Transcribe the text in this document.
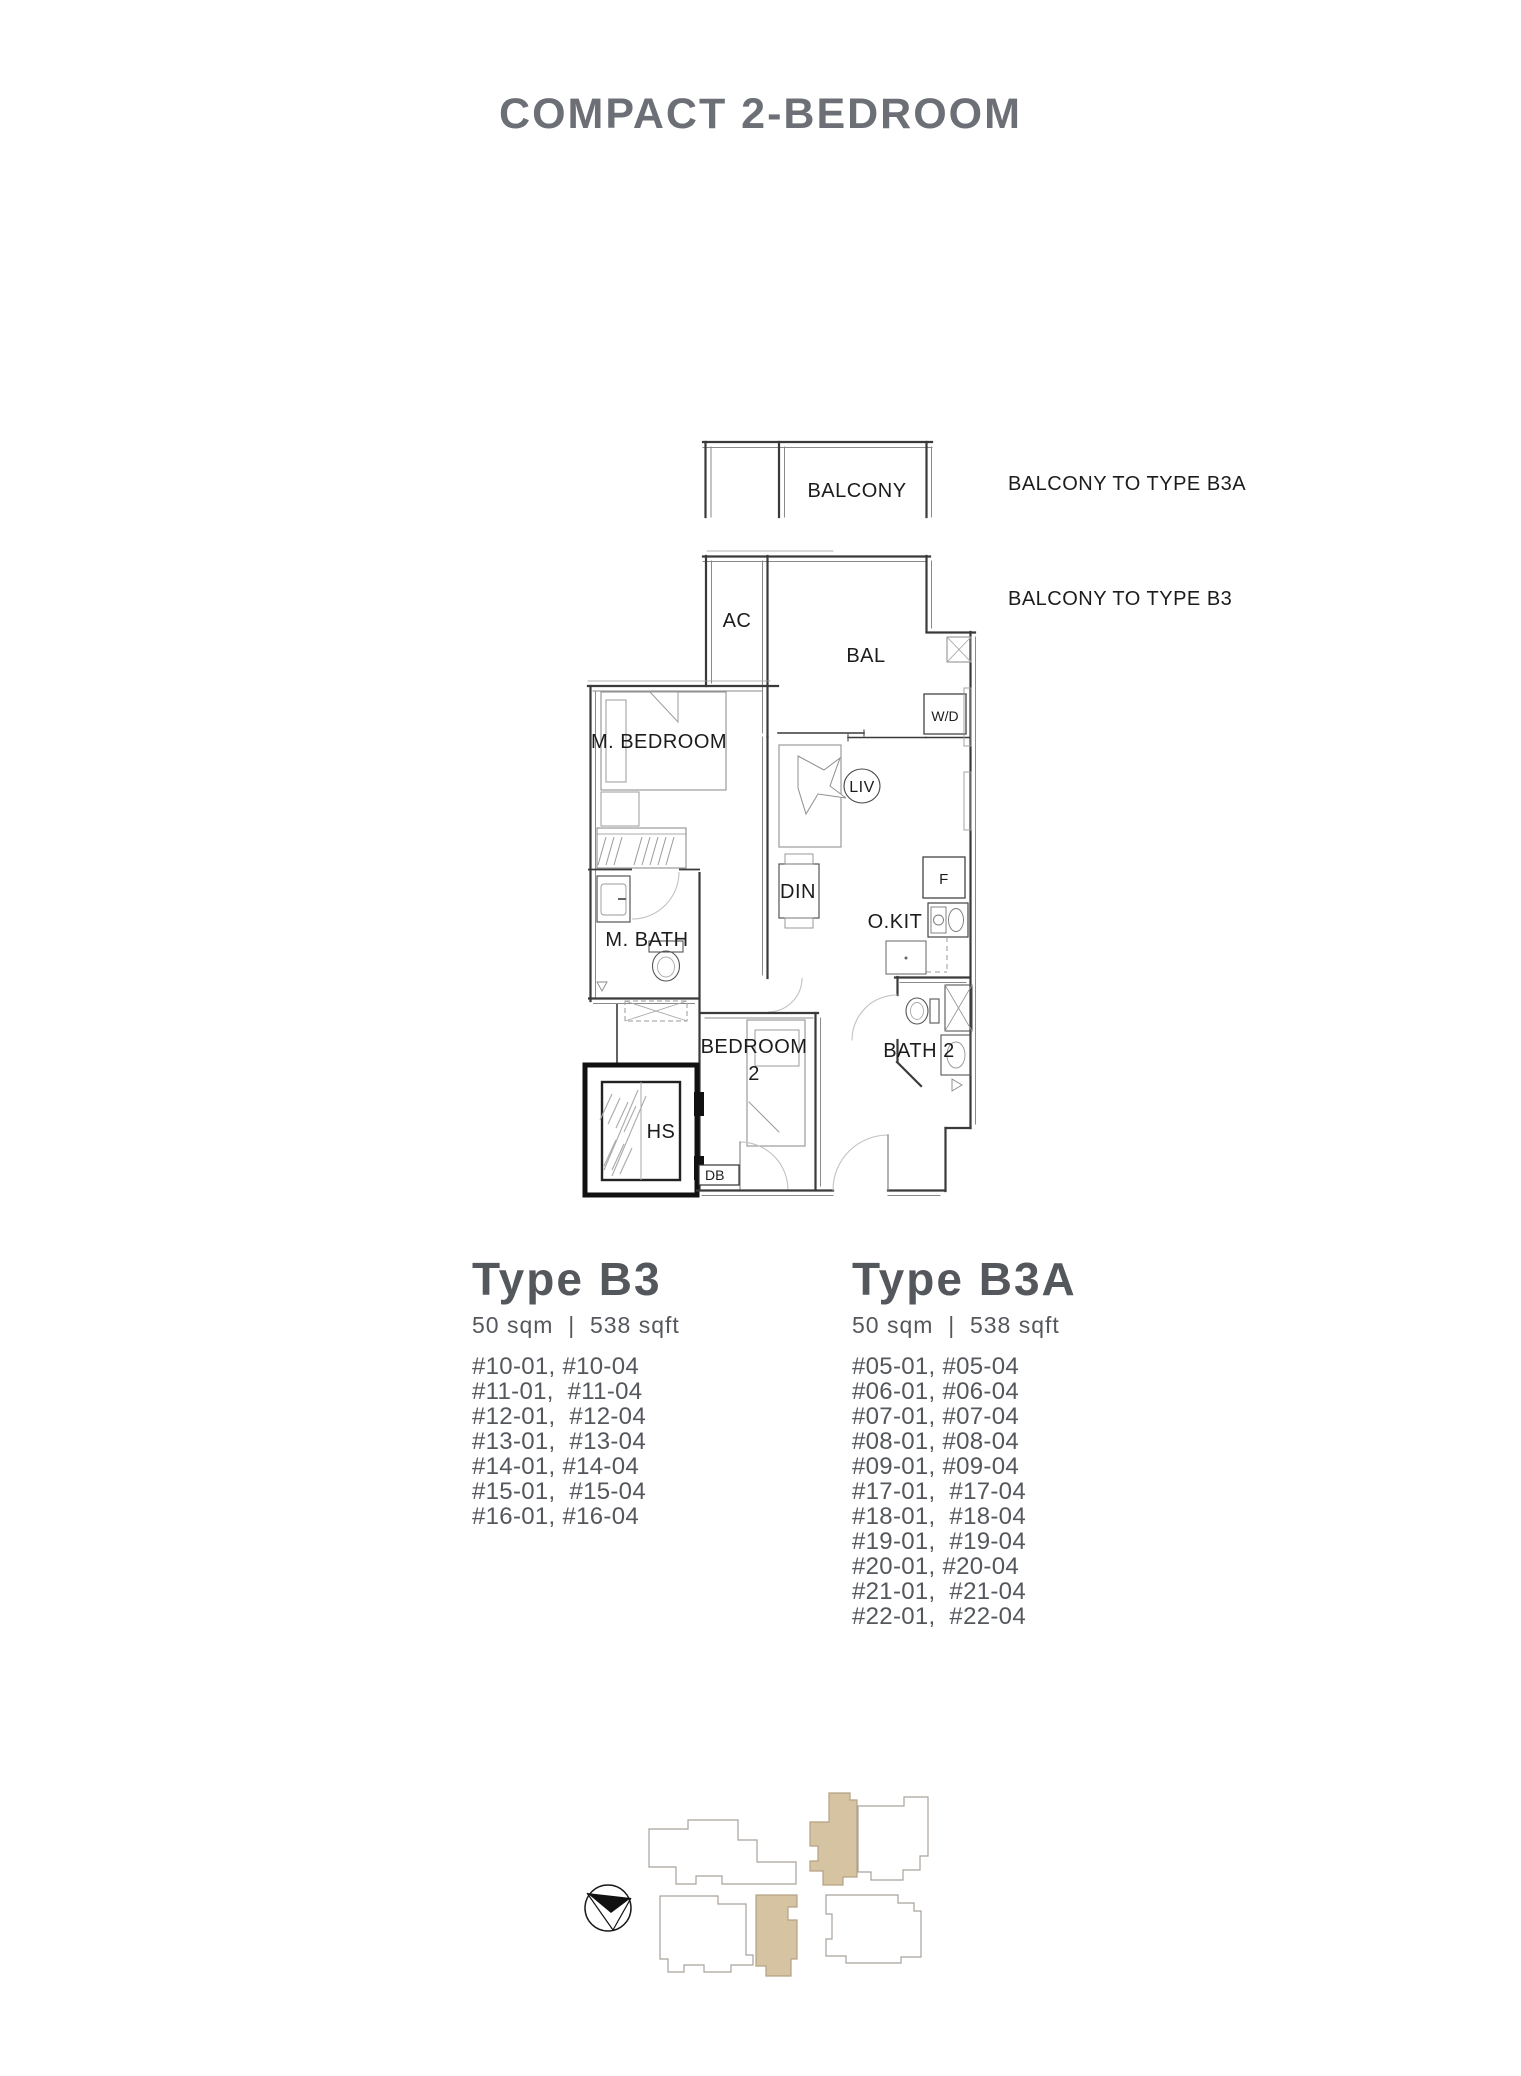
COMPACT 2-BEDROOM
BALCONY	BALCONY TO TYPE B3A
BALCONY TO TYPE B3
AC
BAL
W/D
M. BEDROOM
M. BATH
LIV
DIN
F
O.KIT
BATH 2
BEDROOM
2
HS
DB
Type B3
50 sqm  |  538 sqft
#10-01, #10-04
#11-01,  #11-04
#12-01,  #12-04
#13-01,  #13-04
#14-01, #14-04
#15-01,  #15-04
#16-01, #16-04
Type B3A
50 sqm  |  538 sqft
#05-01, #05-04
#06-01, #06-04
#07-01, #07-04
#08-01, #08-04
#09-01, #09-04
#17-01,  #17-04
#18-01,  #18-04
#19-01,  #19-04
#20-01, #20-04
#21-01,  #21-04
#22-01,  #22-04
